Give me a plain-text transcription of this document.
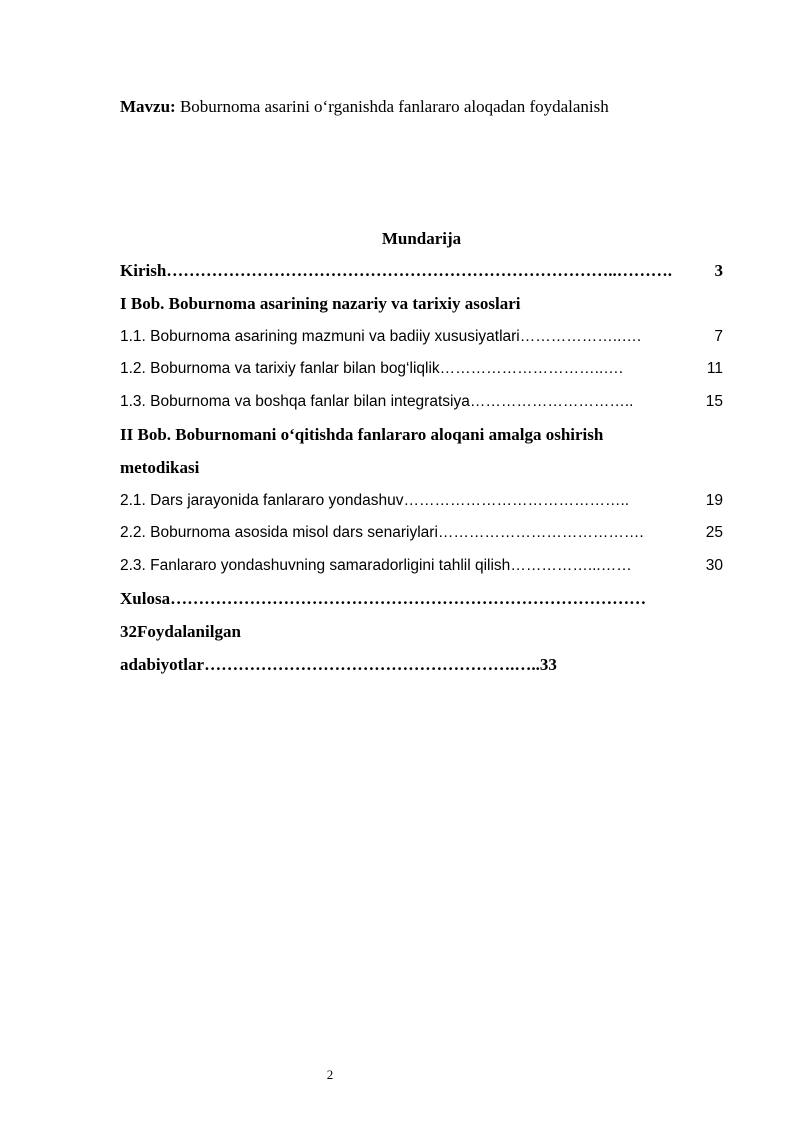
Mavzu: Boburnoma asarini o‘rganishda fanlararo aloqadan foydalanish
Mundarija
Kirish ……………………………………………………………………..……….	3
I Bob. Boburnoma asarining nazariy va tarixiy asoslari
1.1. Boburnoma asarining mazmuni va badiiy xususiyatlari ………………..….	7
1.2. Boburnoma va tarixiy fanlar bilan bog‘liqlik …………………………..….	11
1.3. Boburnoma va boshqa fanlar bilan integratsiya …………………………..	15
II Bob. Boburnomani o‘qitishda fanlararo aloqani amalga oshirish
metodikasi
2.1. Dars jarayonida fanlararo yondashuv ……………………………………..	19
2.2. Boburnoma asosida misol dars senariylari ………………………………….	25
2.3. Fanlararo yondashuvning samaradorligini tahlil qilish ……………...……	30
Xulosa…………………………………………………………………………
32Foydalanilgan
adabiyotlar……………………………………………….…..33
2
